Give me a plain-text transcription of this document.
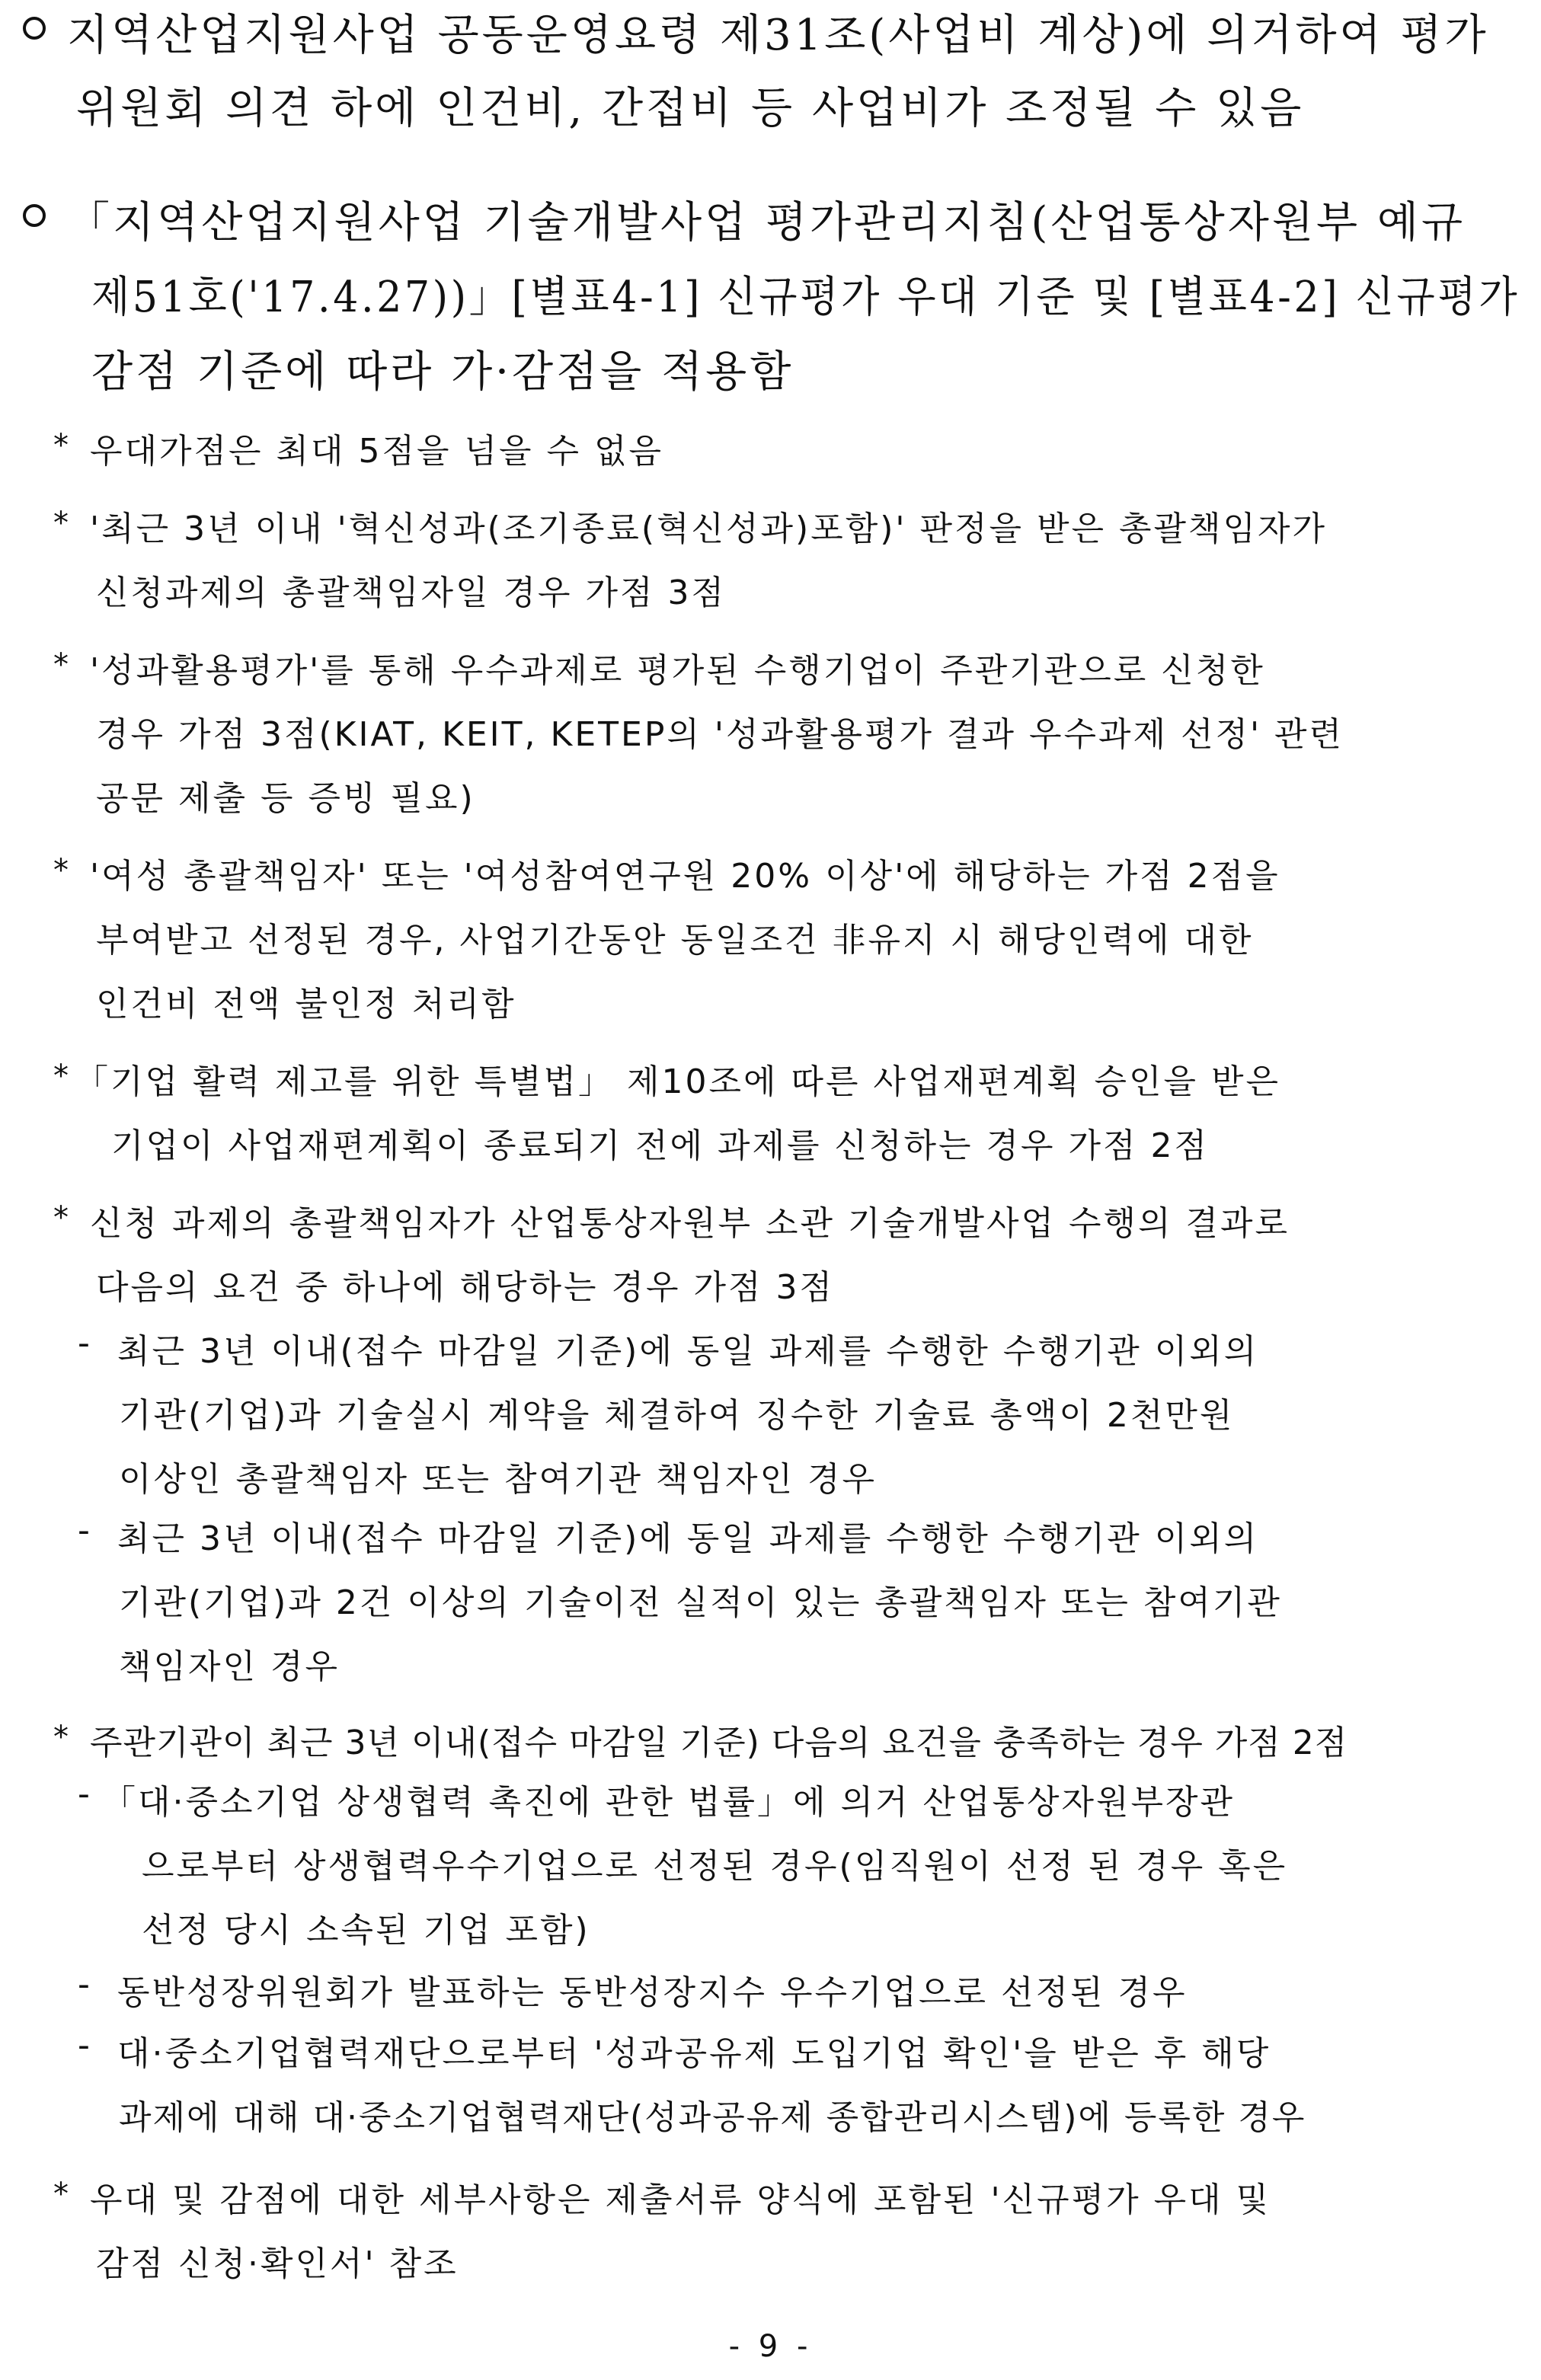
지역산업지원사업 공동운영요령 제31조(사업비 계상)에 의거하여 평가
위원회 의견 하에 인건비, 간접비 등 사업비가 조정될 수 있음
「지역산업지원사업 기술개발사업 평가관리지침(산업통상자원부 예규
제51호('17.4.27))」[별표4-1] 신규평가 우대 기준 및 [별표4-2] 신규평가
감점 기준에 따라 가·감점을 적용함
* 우대가점은 최대 5점을 넘을 수 없음
* '최근 3년 이내 '혁신성과(조기종료(혁신성과)포함)' 판정을 받은 총괄책임자가
신청과제의 총괄책임자일 경우 가점 3점
* '성과활용평가'를 통해 우수과제로 평가된 수행기업이 주관기관으로 신청한
경우 가점 3점(KIAT, KEIT, KETEP의 '성과활용평가 결과 우수과제 선정' 관련
공문 제출 등 증빙 필요)
* '여성 총괄책임자' 또는 '여성참여연구원 20% 이상'에 해당하는 가점 2점을
부여받고 선정된 경우, 사업기간동안 동일조건 非유지 시 해당인력에 대한
인건비 전액 불인정 처리함
* 「기업 활력 제고를 위한 특별법」 제10조에 따른 사업재편계획 승인을 받은
기업이 사업재편계획이 종료되기 전에 과제를 신청하는 경우 가점 2점
* 신청 과제의 총괄책임자가 산업통상자원부 소관 기술개발사업 수행의 결과로
다음의 요건 중 하나에 해당하는 경우 가점 3점
- 최근 3년 이내(접수 마감일 기준)에 동일 과제를 수행한 수행기관 이외의
기관(기업)과 기술실시 계약을 체결하여 징수한 기술료 총액이 2천만원
이상인 총괄책임자 또는 참여기관 책임자인 경우
- 최근 3년 이내(접수 마감일 기준)에 동일 과제를 수행한 수행기관 이외의
기관(기업)과 2건 이상의 기술이전 실적이 있는 총괄책임자 또는 참여기관
책임자인 경우
* 주관기관이 최근 3년 이내(접수 마감일 기준) 다음의 요건을 충족하는 경우 가점 2점
- 「대·중소기업 상생협력 촉진에 관한 법률」에 의거 산업통상자원부장관
으로부터 상생협력우수기업으로 선정된 경우(임직원이 선정 된 경우 혹은
선정 당시 소속된 기업 포함)
- 동반성장위원회가 발표하는 동반성장지수 우수기업으로 선정된 경우
- 대·중소기업협력재단으로부터 '성과공유제 도입기업 확인'을 받은 후 해당
과제에 대해 대·중소기업협력재단(성과공유제 종합관리시스템)에 등록한 경우
* 우대 및 감점에 대한 세부사항은 제출서류 양식에 포함된 '신규평가 우대 및
감점 신청·확인서' 참조
- 9 -
